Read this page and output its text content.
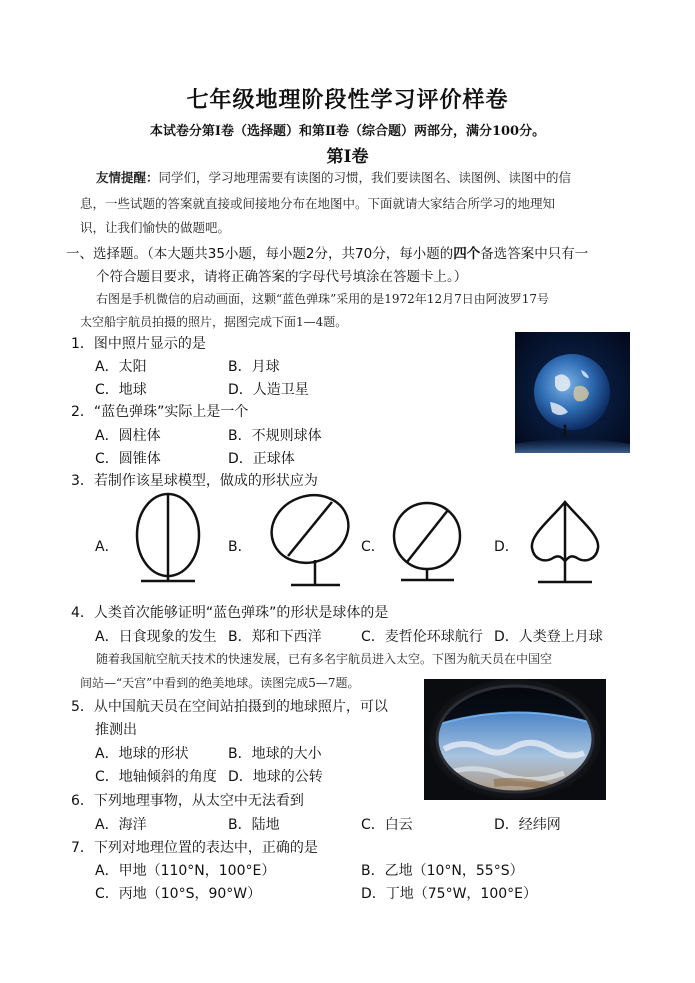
七年级地理阶段性学习评价样卷
本试卷分第Ⅰ卷（选择题）和第Ⅱ卷（综合题）两部分，满分100分。
第Ⅰ卷
友情提醒：同学们，学习地理需要有读图的习惯，我们要读图名、读图例、读图中的信
息，一些试题的答案就直接或间接地分布在地图中。下面就请大家结合所学习的地理知
识，让我们愉快的做题吧。
一、选择题。（本大题共35小题，每小题2分，共70分，每小题的四个备选答案中只有一
个符合题目要求，请将正确答案的字母代号填涂在答题卡上。）
右图是手机微信的启动画面，这颗“蓝色弹珠”采用的是1972年12月7日由阿波罗17号
太空船宇航员拍摄的照片，据图完成下面1—4题。
1．图中照片显示的是
A．太阳	B．月球
C．地球	D．人造卫星
2．“蓝色弹珠”实际上是一个
A．圆柱体	B．不规则球体
C．圆锥体	D．正球体
3．若制作该星球模型，做成的形状应为
A．	B．	C．	D．
4．人类首次能够证明“蓝色弹珠”的形状是球体的是
A．日食现象的发生 B．郑和下西洋	C．麦哲伦环球航行 D．人类登上月球
随着我国航空航天技术的快速发展，已有多名宇航员进入太空。下图为航天员在中国空
间站—“天宫”中看到的绝美地球。读图完成5—7题。
5．从中国航天员在空间站拍摄到的地球照片，可以
推测出
A．地球的形状	B．地球的大小
C．地轴倾斜的角度 D．地球的公转
6．下列地理事物，从太空中无法看到
A．海洋	B．陆地	C．白云	D．经纬网
7．下列对地理位置的表达中，正确的是
A．甲地（110°N，100°E）	B．乙地（10°N，55°S）
C．丙地（10°S，90°W）	D．丁地（75°W，100°E）
